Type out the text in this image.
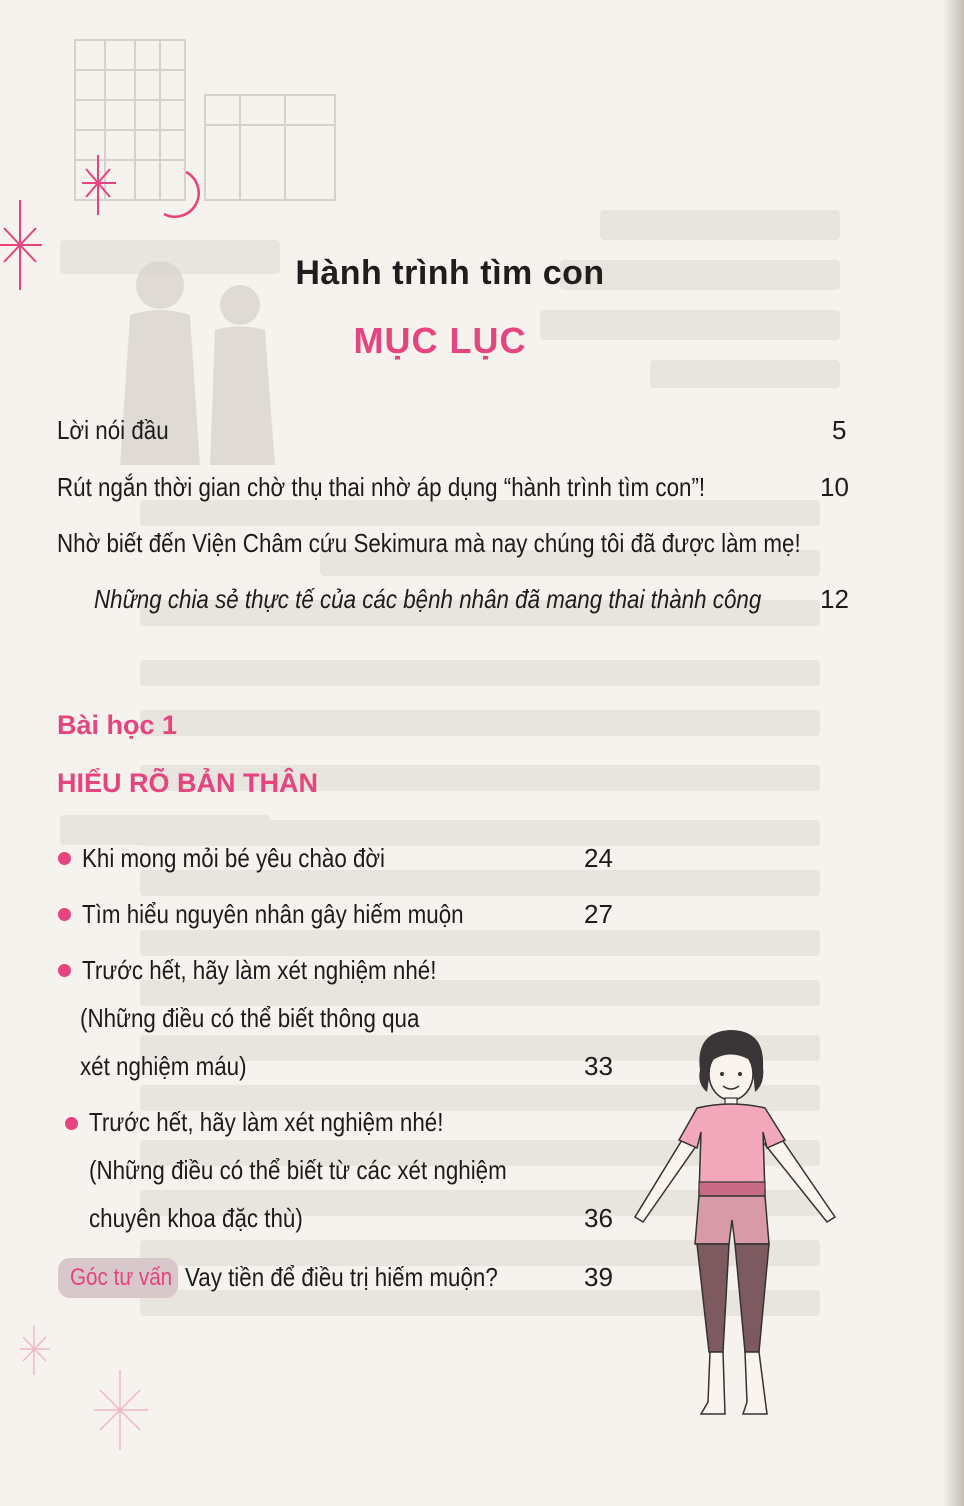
Hành trình tìm con
MỤC LỤC
Lời nói đầu	5
Rút ngắn thời gian chờ thụ thai nhờ áp dụng “hành trình tìm con”!	10
Nhờ biết đến Viện Châm cứu Sekimura mà nay chúng tôi đã được làm mẹ!
Những chia sẻ thực tế của các bệnh nhân đã mang thai thành công	12
Bài học 1
HIỂU RÕ BẢN THÂN
Khi mong mỏi bé yêu chào đời	24
Tìm hiểu nguyên nhân gây hiếm muộn	27
Trước hết, hãy làm xét nghiệm nhé!
(Những điều có thể biết thông qua
xét nghiệm máu)	33
Trước hết, hãy làm xét nghiệm nhé!
(Những điều có thể biết từ các xét nghiệm
chuyên khoa đặc thù)	36
Góc tư vấn Vay tiền để điều trị hiếm muộn?	39
